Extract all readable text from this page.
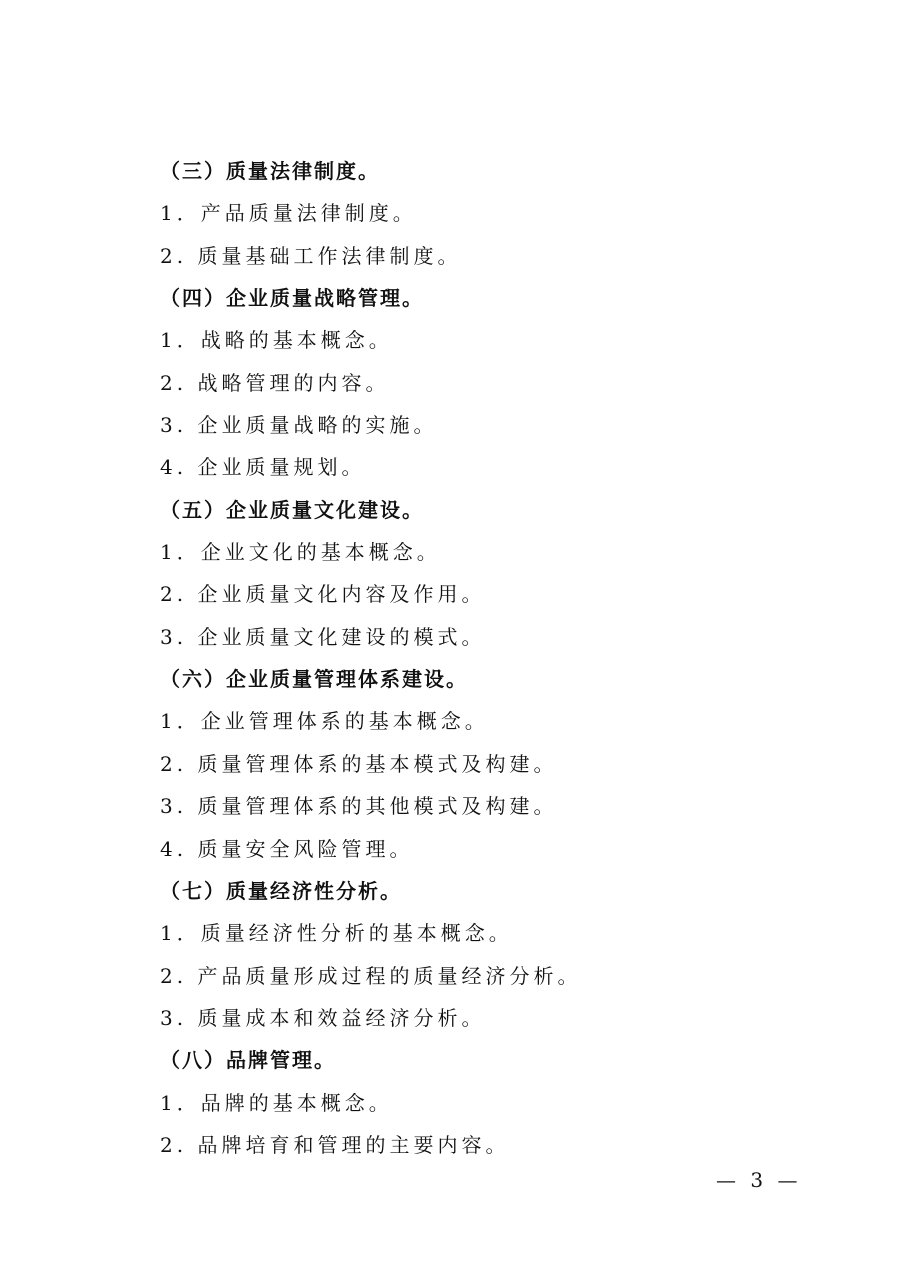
（三）质量法律制度。
1．产品质量法律制度。
2. 质量基础工作法律制度。
（四）企业质量战略管理。
1．战略的基本概念。
2. 战略管理的内容。
3. 企业质量战略的实施。
4. 企业质量规划。
（五）企业质量文化建设。
1．企业文化的基本概念。
2. 企业质量文化内容及作用。
3. 企业质量文化建设的模式。
（六）企业质量管理体系建设。
1．企业管理体系的基本概念。
2. 质量管理体系的基本模式及构建。
3. 质量管理体系的其他模式及构建。
4. 质量安全风险管理。
（七）质量经济性分析。
1．质量经济性分析的基本概念。
2. 产品质量形成过程的质量经济分析。
3. 质量成本和效益经济分析。
（八）品牌管理。
1．品牌的基本概念。
2. 品牌培育和管理的主要内容。
— 3 —
